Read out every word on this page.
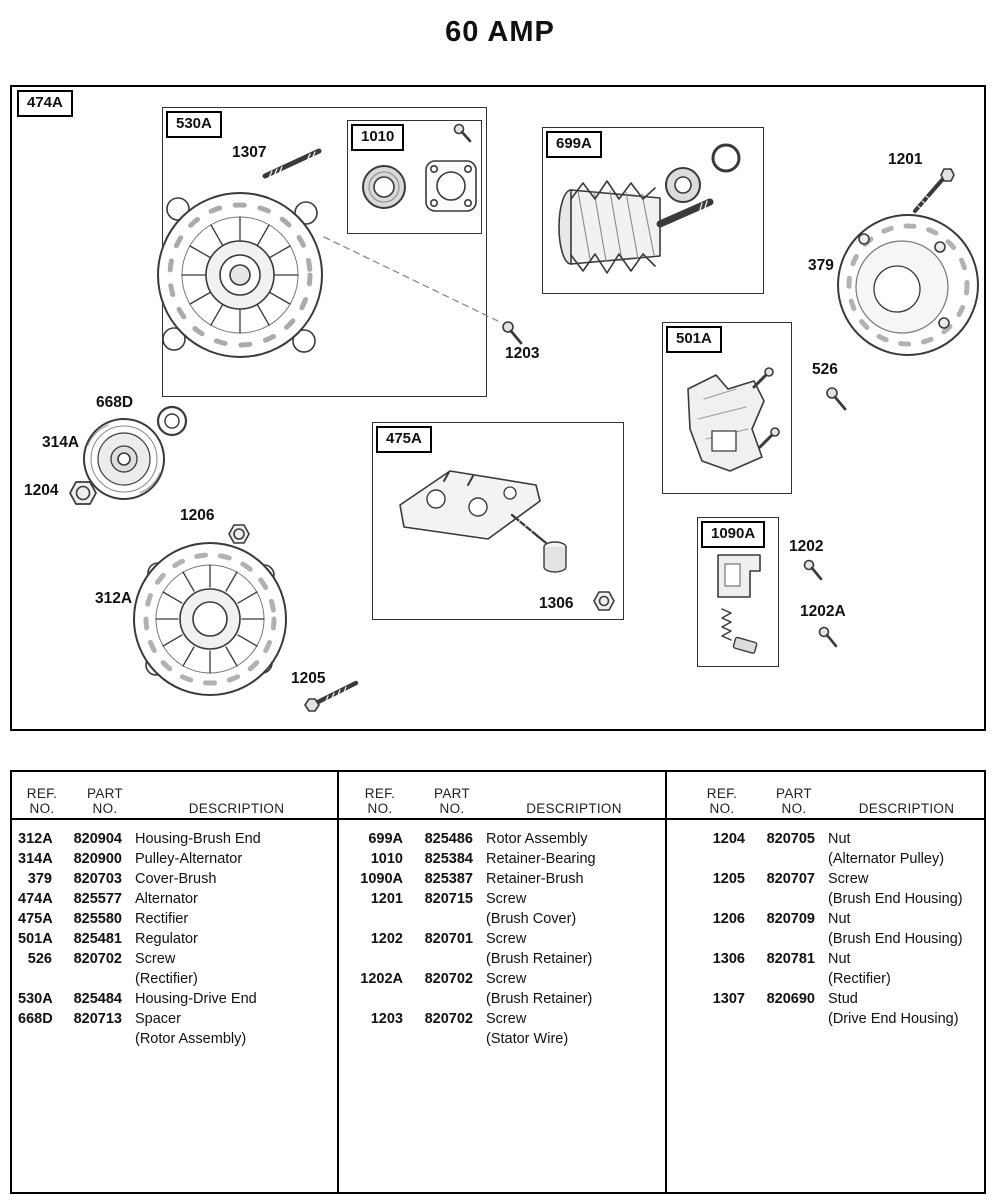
60 AMP
474A
530A
1010	699A
501A
475A
1090A
1307	1201
379
1203
526
668D
314A
1204
1206
312A
1205
1306
1202
1202A
REF.
NO.
PART
NO.	DESCRIPTION
312A 820904 Housing-Brush End
314A 820900 Pulley-Alternator
379 820703 Cover-Brush
474A 825577 Alternator
475A 825580 Rectifier
501A 825481 Regulator
526 820702 Screw
(Rectifier)
530A 825484 Housing-Drive End
668D 820713 Spacer
(Rotor Assembly)
REF.
NO.
PART
NO.	DESCRIPTION
699A 825486 Rotor Assembly
1010 825384 Retainer-Bearing
1090A 825387 Retainer-Brush
1201 820715 Screw
(Brush Cover)
1202 820701 Screw
(Brush Retainer)
1202A 820702 Screw
(Brush Retainer)
1203 820702 Screw
(Stator Wire)
REF.
NO.
PART
NO.	DESCRIPTION
1204 820705 Nut
(Alternator Pulley)
1205 820707 Screw
(Brush End Housing)
1206 820709 Nut
(Brush End Housing)
1306 820781 Nut
(Rectifier)
1307 820690 Stud
(Drive End Housing)
